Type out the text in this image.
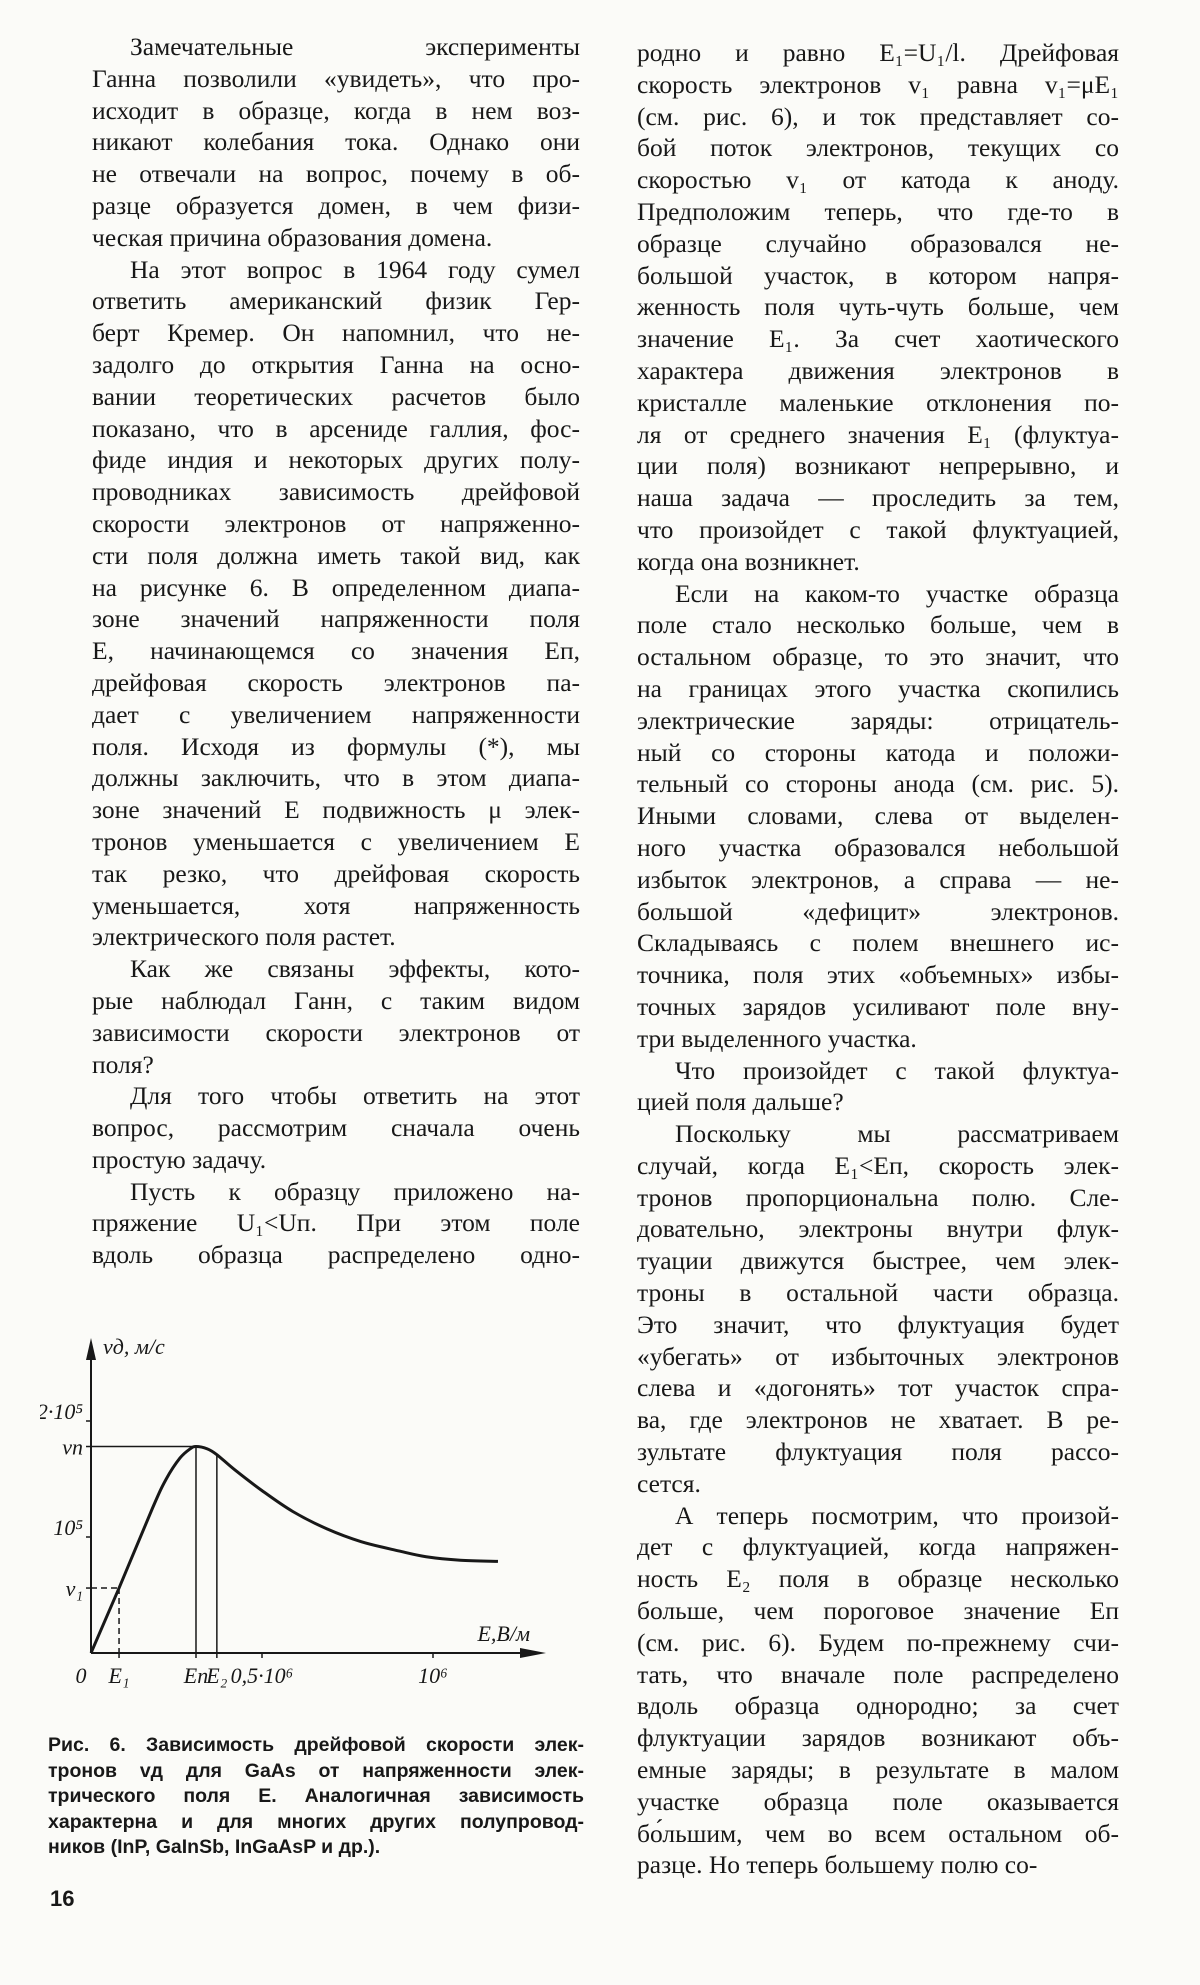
Замечательные эксперименты
Ганна позволили «увидеть», что про-
исходит в образце, когда в нем воз-
никают колебания тока. Однако они
не отвечали на вопрос, почему в об-
разце образуется домен, в чем физи-
ческая причина образования домена.
На этот вопрос в 1964 году сумел
ответить американский физик Гер-
берт Кремер. Он напомнил, что не-
задолго до открытия Ганна на осно-
вании теоретических расчетов было
показано, что в арсениде галлия, фос-
фиде индия и некоторых других полу-
проводниках зависимость дрейфовой
скорости электронов от напряженно-
сти поля должна иметь такой вид, как
на рисунке 6. В определенном диапа-
зоне значений напряженности поля
E, начинающемся со значения Eп,
дрейфовая скорость электронов па-
дает с увеличением напряженности
поля. Исходя из формулы (*), мы
должны заключить, что в этом диапа-
зоне значений E подвижность μ элек-
тронов уменьшается с увеличением E
так резко, что дрейфовая скорость
уменьшается, хотя напряженность
электрического поля растет.
Как же связаны эффекты, кото-
рые наблюдал Ганн, с таким видом
зависимости скорости электронов от
поля?
Для того чтобы ответить на этот
вопрос, рассмотрим сначала очень
простую задачу.
Пусть к образцу приложено на-
пряжение U₁<Uп. При этом поле
вдоль образца распределено одно-
родно и равно E₁=U₁/l. Дрейфовая
скорость электронов v₁ равна v₁=μE₁
(см. рис. 6), и ток представляет со-
бой поток электронов, текущих со
скоростью v₁ от катода к аноду.
Предположим теперь, что где-то в
образце случайно образовался не-
большой участок, в котором напря-
женность поля чуть-чуть больше, чем
значение E₁. За счет хаотического
характера движения электронов в
кристалле маленькие отклонения по-
ля от среднего значения E₁ (флуктуа-
ции поля) возникают непрерывно, и
наша задача — проследить за тем,
что произойдет с такой флуктуацией,
когда она возникнет.
Если на каком-то участке образца
поле стало несколько больше, чем в
остальном образце, то это значит, что
на границах этого участка скопились
электрические заряды: отрицатель-
ный со стороны катода и положи-
тельный со стороны анода (см. рис. 5).
Иными словами, слева от выделен-
ного участка образовался небольшой
избыток электронов, а справа — не-
большой «дефицит» электронов.
Складываясь с полем внешнего ис-
точника, поля этих «объемных» избы-
точных зарядов усиливают поле вну-
три выделенного участка.
Что произойдет с такой флуктуа-
цией поля дальше?
Поскольку мы рассматриваем
случай, когда E₁<Eп, скорость элек-
тронов пропорциональна полю. Сле-
довательно, электроны внутри флук-
туации движутся быстрее, чем элек-
троны в остальной части образца.
Это значит, что флуктуация будет
«убегать» от избыточных электронов
слева и «догонять» тот участок спра-
ва, где электронов не хватает. В ре-
зультате флуктуация поля рассо-
сется.
А теперь посмотрим, что произой-
дет с флуктуацией, когда напряжен-
ность E₂ поля в образце несколько
больше, чем пороговое значение Eп
(см. рис. 6). Будем по-прежнему счи-
тать, что вначале поле распределено
вдоль образца однородно; за счет
флуктуации зарядов возникают объ-
емные заряды; в результате в малом
участке образца поле оказывается
бо́льшим, чем во всем остальном об-
разце. Но теперь большему полю со-
2·10⁵
vп
10⁵
v₁
0 E₁ Eп
E₂ 0,5·10⁶	10⁶
vд, м/с
E,В/м
Рис. 6. Зависимость дрейфовой скорости элек-
тронов vд для GaAs от напряженности элек-
трического поля E. Аналогичная зависимость
характерна и для многих других полупровод-
ников (InP, GaInSb, InGaAsP и др.).
16
